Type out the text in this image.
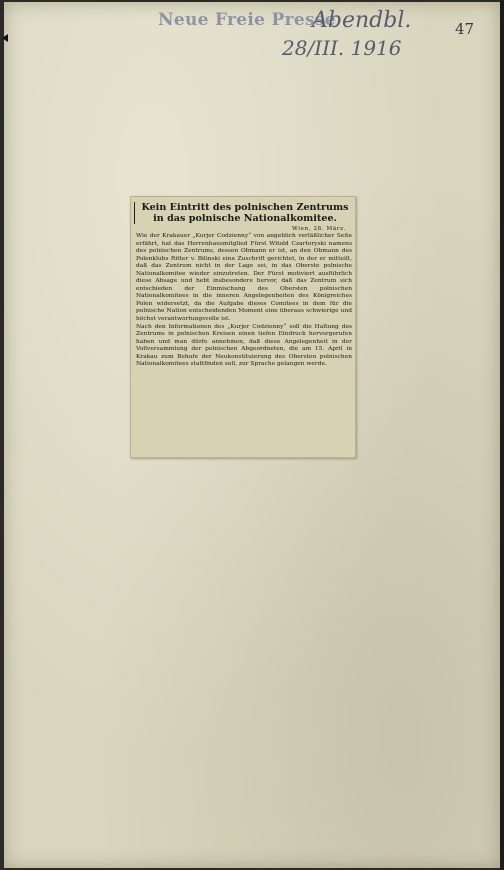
Neue Freie Presse
Abendbl.
28/III. 1916
47
Kein Eintritt des polnischen Zentrums in das polnische Nationalkomitee.
Wien, 28. März.

Wie der Krakauer „Kurjer Codzienny“ von angeblich verläßlicher Seite erfährt, hat das Herrenhausmitglied Fürst Witold Czartoryski namens des polnischen Zentrums, dessen Obmann er ist, an den Obmann des Polenklubs Ritter v. Bilinski eine Zuschrift gerichtet, in der er mitteilt, daß das Zentrum nicht in der Lage sei, in das Oberste polnische Nationalkomitee wieder einzutreten. Der Fürst motiviert ausführlich diese Absage und hebt insbesondere hervor, daß das Zentrum sich entschieden der Einmischung des Obersten polnischen Nationalkomitees in die inneren Angelegenheiten des Königreiches Polen widersetzt, da die Aufgabe dieses Comitees in dem für die polnische Nation entscheidenden Moment eine überaus schwierige und höchst verantwortungsvolle ist.

Nach den Informationen des „Kurjer Codzienny“ soll die Haltung des Zentrums in polnischen Kreisen einen tiefen Eindruck hervorgerufen haben und man dürfe annehmen, daß diese Angelegenheit in der Vollversammlung der polnischen Abgeordneten, die am 15. April in Krakau zum Behufe der Neukonstituierung des Obersten polnischen Nationalkomitees stattfinden soll, zur Sprache gelangen werde.
